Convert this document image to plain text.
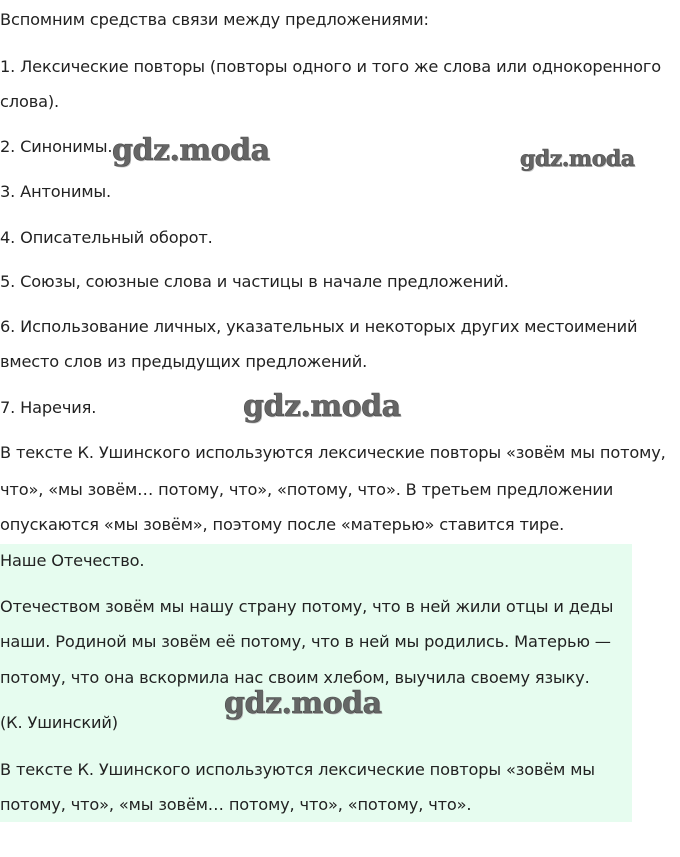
Вспомним средства связи между предложениями:
1. Лексические повторы (повторы одного и того же слова или однокоренного
слова).
2. Синонимы.
3. Антонимы.
4. Описательный оборот.
5. Союзы, союзные слова и частицы в начале предложений.
6. Использование личных, указательных и некоторых других местоимений
вместо слов из предыдущих предложений.
7. Наречия.
В тексте К. Ушинского используются лексические повторы «зовём мы потому,
что», «мы зовём… потому, что», «потому, что». В третьем предложении
опускаются «мы зовём», поэтому после «матерью» ставится тире.
Наше Отечество.
Отечеством зовём мы нашу страну потому, что в ней жили отцы и деды
наши. Родиной мы зовём её потому, что в ней мы родились. Матерью —
потому, что она вскормила нас своим хлебом, выучила своему языку.
(К. Ушинский)
В тексте К. Ушинского используются лексические повторы «зовём мы
потому, что», «мы зовём… потому, что», «потому, что».
gdz.moda	gdz.moda
gdz.moda
gdz.moda
